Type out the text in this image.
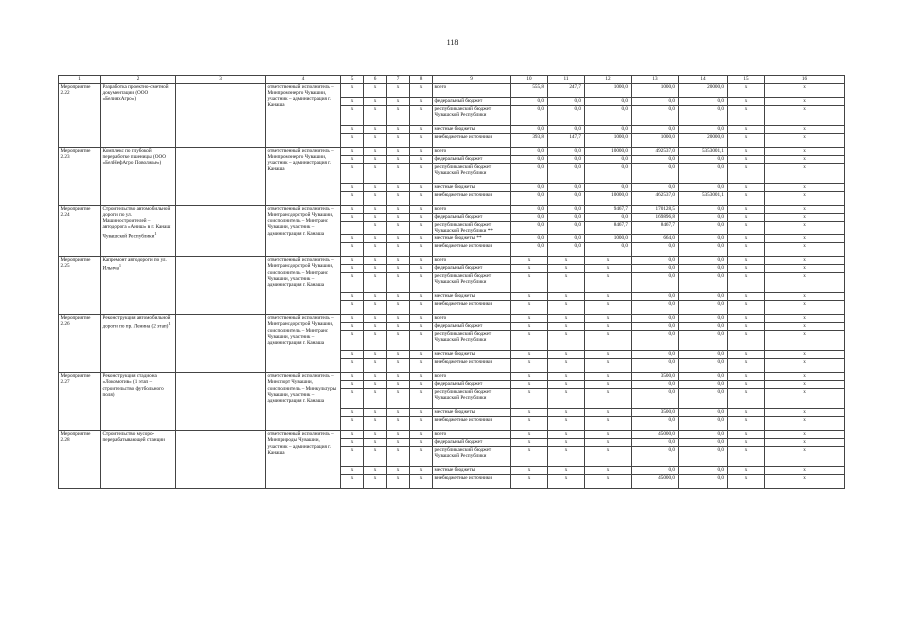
118
1	2	3	4	5	6	7	8	9	10	11	12	13	14	15	16
Мероприятие 2.22	Разработка проектно-сметной документации (ООО «БелияхАгро»)		ответственный исполнитель – Минпромэнерго Чувашии, участник – администрация г. Канаша	x	x	x	x	всего	555,8	247,7	1000,0	1000,0	20000,0	x	x
				x	x	x	x	федеральный бюджет	0,0	0,0	0,0	0,0	0,0	x	x
				x	x	x	x	республиканский бюджет Чувашской Республики	0,0	0,0	0,0	0,0	0,0	x	x
				x	x	x	x	местные бюджеты	0,0	0,0	0,0	0,0	0,0	x	x
				x	x	x	x	внебюджетные источники	393,8	147,7	1000,0	1000,0	20000,0	x	x
Мероприятие 2.23	Комплекс по глубокой переработке пшеницы (ООО «БелНефАгро Поволжье»)		ответственный исполнитель – Минпромэнерго Чувашии, участник – администрация г. Канаша	x	x	x	x	всего	0,0	0,0	10000,0	492537,0	5353001,1	x	x
				x	x	x	x	федеральный бюджет	0,0	0,0	0,0	0,0	0,0	x	x
				x	x	x	x	республиканский бюджет Чувашской Республики	0,0	0,0	0,0	0,0	0,0	x	x
				x	x	x	x	местные бюджеты	0,0	0,0	0,0	0,0	0,0	x	x
				x	x	x	x	внебюджетные источники	0,0	0,0	10000,0	462537,0	5353001,1	x	x
Мероприятие 2.24	Строительство автомобильной дороги по ул. Машиностроителей – автодорога «Аниш» в г. Канаш Чувашской Республики$^1$		ответственный исполнитель – Минтрансдорстрой Чувашии, соисполнитель – Минтранс Чувашии, участник – администрация г. Канаша	x	x	x	x	всего	0,0	0,0	9467,7	170128,5	0,0	x	x
				x	x	x	x	федеральный бюджет	0,0	0,0	0,0	169896,8	0,0	x	x
					x	x	x	республиканский бюджет Чувашской Республики **	0,0	0,0	8467,7	8467,7	0,0	x	x
				x	x	x	x	местные бюджеты **	0,0	0,0	1000,0	664,0	0,0	x	x
				x	x	x	x	внебюджетные источники	0,0	0,0	0,0	0,0	0,0	x	x
Мероприятие 2.25	Капремонт автодороги по ул. Ильича$^1$		ответственный исполнитель – Минтрансдорстрой Чувашии, соисполнитель – Минтранс Чувашии, участник – администрация г. Канаша	x	x	x	x	всего	x	x	x	0,0	0,0	x	x
				x	x	x	x	федеральный бюджет	x	x	x	0,0	0,0	x	x
				x	x	x	x	республиканский бюджет Чувашской Республики	x	x	x	0,0	0,0	x	x
				x	x	x	x	местные бюджеты	x	x	x	0,0	0,0	x	x
				x	x	x	x	внебюджетные источники	x	x	x	0,0	0,0	x	x
Мероприятие 2.26	Реконструкция автомобильной дороги по пр. Ленина (2 этап)$^1$		ответственный исполнитель – Минтрансдорстрой Чувашии, соисполнитель – Минтранс Чувашии, участник – администрация г. Канаша	x	x	x	x	всего	x	x	x	0,0	0,0	x	x
				x	x	x	x	федеральный бюджет	x	x	x	0,0	0,0	x	x
				x	x	x	x	республиканский бюджет Чувашской Республики	x	x	x	0,0	0,0	x	x
				x	x	x	x	местные бюджеты	x	x	x	0,0	0,0	x	x
				x	x	x	x	внебюджетные источники	x	x	x	0,0	0,0	x	x
Мероприятие 2.27	Реконструкция стадиона «Локомотив» (1 этап – строительство футбольного поля)		ответственный исполнитель – Минспорт Чувашии, соисполнитель – Минкультуры Чувашии, участник – администрация г. Канаша	x	x	x	x	всего	x	x	x	3500,0	0,0	x	x
				x	x	x	x	федеральный бюджет	x	x	x	0,0	0,0	x	x
				x	x	x	x	республиканский бюджет Чувашской Республики	x	x	x	0,0	0,0	x	x
				x	x	x	x	местные бюджеты	x	x	x	3500,0	0,0	x	x
				x	x	x	x	внебюджетные источники	x	x	x	0,0	0,0	x	x
Мероприятие 2.28	Строительство мусоро-перерабатывающей станции		ответственный исполнитель – Минприроды Чувашии, участник – администрация г. Канаша	x	x	x	x	всего	x	x	x	45000,0	0,0	x	x
				x	x	x	x	федеральный бюджет	x	x	x	0,0	0,0	x	x
				x	x	x	x	республиканский бюджет Чувашской Республики	x	x	x	0,0	0,0	x	x
				x	x	x	x	местные бюджеты	x	x	x	0,0	0,0	x	x
				x	x	x	x	внебюджетные источники	x	x	x	45000,0	0,0	x	x
